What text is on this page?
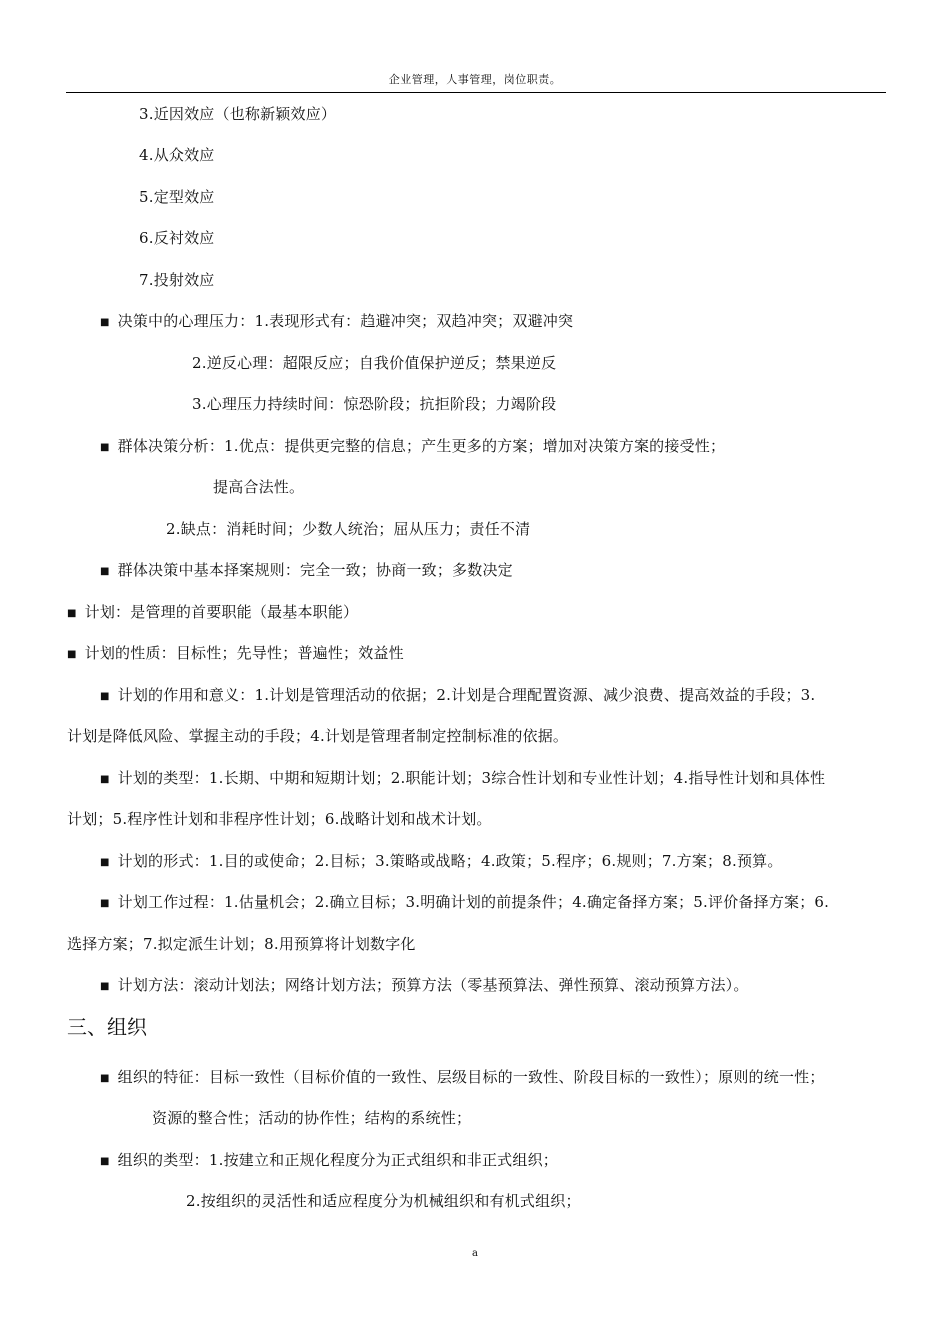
企业管理，人事管理，岗位职责。
3.近因效应（也称新颖效应）
4.从众效应
5.定型效应
6.反衬效应
7.投射效应
■ 决策中的心理压力：1.表现形式有：趋避冲突；双趋冲突；双避冲突
2.逆反心理：超限反应；自我价值保护逆反；禁果逆反
3.心理压力持续时间：惊恐阶段；抗拒阶段；力竭阶段
■ 群体决策分析：1.优点：提供更完整的信息；产生更多的方案；增加对决策方案的接受性；
提高合法性。
2.缺点：消耗时间；少数人统治；屈从压力；责任不清
■ 群体决策中基本择案规则：完全一致；协商一致；多数决定
■ 计划：是管理的首要职能（最基本职能）
■ 计划的性质：目标性；先导性；普遍性；效益性
■ 计划的作用和意义：1.计划是管理活动的依据；2.计划是合理配置资源、减少浪费、提高效益的手段；3.
计划是降低风险、掌握主动的手段；4.计划是管理者制定控制标准的依据。
■ 计划的类型：1.长期、中期和短期计划；2.职能计划；3综合性计划和专业性计划；4.指导性计划和具体性
计划；5.程序性计划和非程序性计划；6.战略计划和战术计划。
■ 计划的形式：1.目的或使命；2.目标；3.策略或战略；4.政策；5.程序；6.规则；7.方案；8.预算。
■ 计划工作过程：1.估量机会；2.确立目标；3.明确计划的前提条件；4.确定备择方案；5.评价备择方案；6.
选择方案；7.拟定派生计划；8.用预算将计划数字化
■ 计划方法：滚动计划法；网络计划方法；预算方法（零基预算法、弹性预算、滚动预算方法）。
三、组织
■ 组织的特征：目标一致性（目标价值的一致性、层级目标的一致性、阶段目标的一致性）；原则的统一性；
资源的整合性；活动的协作性；结构的系统性；
■ 组织的类型：1.按建立和正规化程度分为正式组织和非正式组织；
2.按组织的灵活性和适应程度分为机械组织和有机式组织；
a
